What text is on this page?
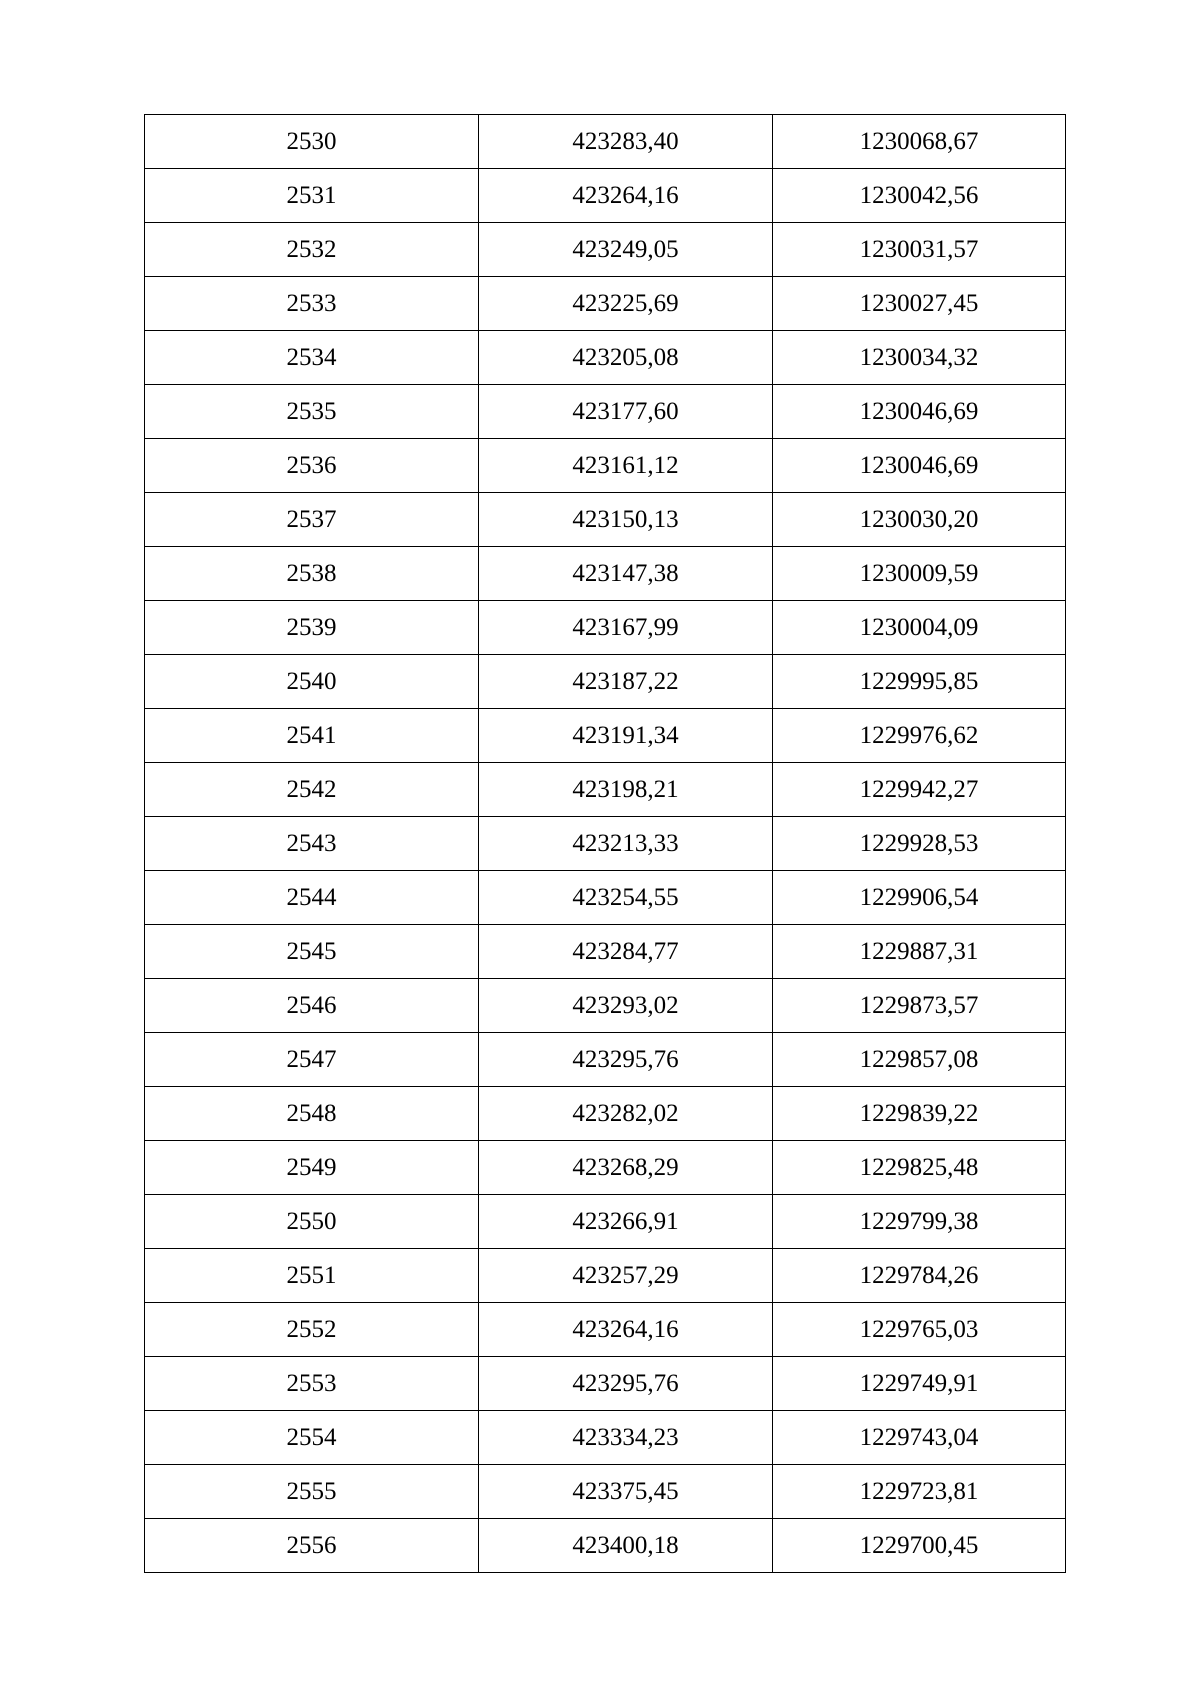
2530	423283,40	1230068,67
2531	423264,16	1230042,56
2532	423249,05	1230031,57
2533	423225,69	1230027,45
2534	423205,08	1230034,32
2535	423177,60	1230046,69
2536	423161,12	1230046,69
2537	423150,13	1230030,20
2538	423147,38	1230009,59
2539	423167,99	1230004,09
2540	423187,22	1229995,85
2541	423191,34	1229976,62
2542	423198,21	1229942,27
2543	423213,33	1229928,53
2544	423254,55	1229906,54
2545	423284,77	1229887,31
2546	423293,02	1229873,57
2547	423295,76	1229857,08
2548	423282,02	1229839,22
2549	423268,29	1229825,48
2550	423266,91	1229799,38
2551	423257,29	1229784,26
2552	423264,16	1229765,03
2553	423295,76	1229749,91
2554	423334,23	1229743,04
2555	423375,45	1229723,81
2556	423400,18	1229700,45
